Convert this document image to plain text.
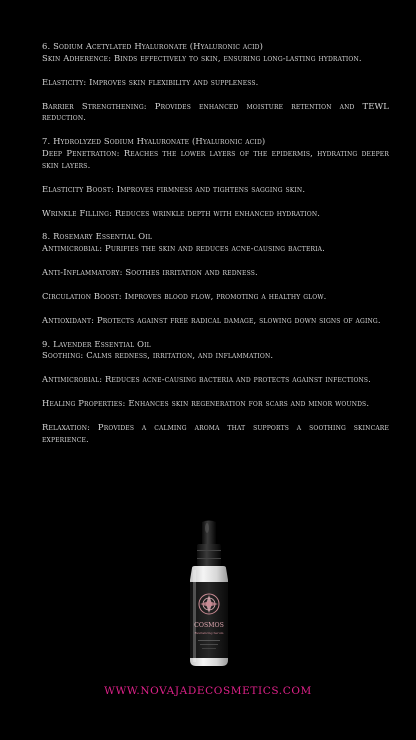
6. Sodium Acetylated Hyaluronate (Hyaluronic acid)

Skin Adherence: Binds effectively to skin, ensuring long-lasting hydration.

Elasticity: Improves skin flexibility and suppleness.

Barrier Strengthening: Provides enhanced moisture retention and TEWL reduction.

7. Hydrolyzed Sodium Hyaluronate (Hyaluronic acid)

Deep Penetration: Reaches the lower layers of the epidermis, hydrating deeper skin layers.

Elasticity Boost: Improves firmness and tightens sagging skin.

Wrinkle Filling: Reduces wrinkle depth with enhanced hydration.

8. Rosemary Essential Oil

Antimicrobial: Purifies the skin and reduces acne-causing bacteria.

Anti-Inflammatory: Soothes irritation and redness.

Circulation Boost: Improves blood flow, promoting a healthy glow.

Antioxidant: Protects against free radical damage, slowing down signs of aging.

9. Lavender Essential Oil

Soothing: Calms redness, irritation, and inflammation.

Antimicrobial: Reduces acne-causing bacteria and protects against infections.

Healing Properties: Enhances skin regeneration for scars and minor wounds.

Relaxation: Provides a calming aroma that supports a soothing skincare experience.

COSMOS
Revitalizing Serum
WWW.NOVAJADECOSMETICS.COM
